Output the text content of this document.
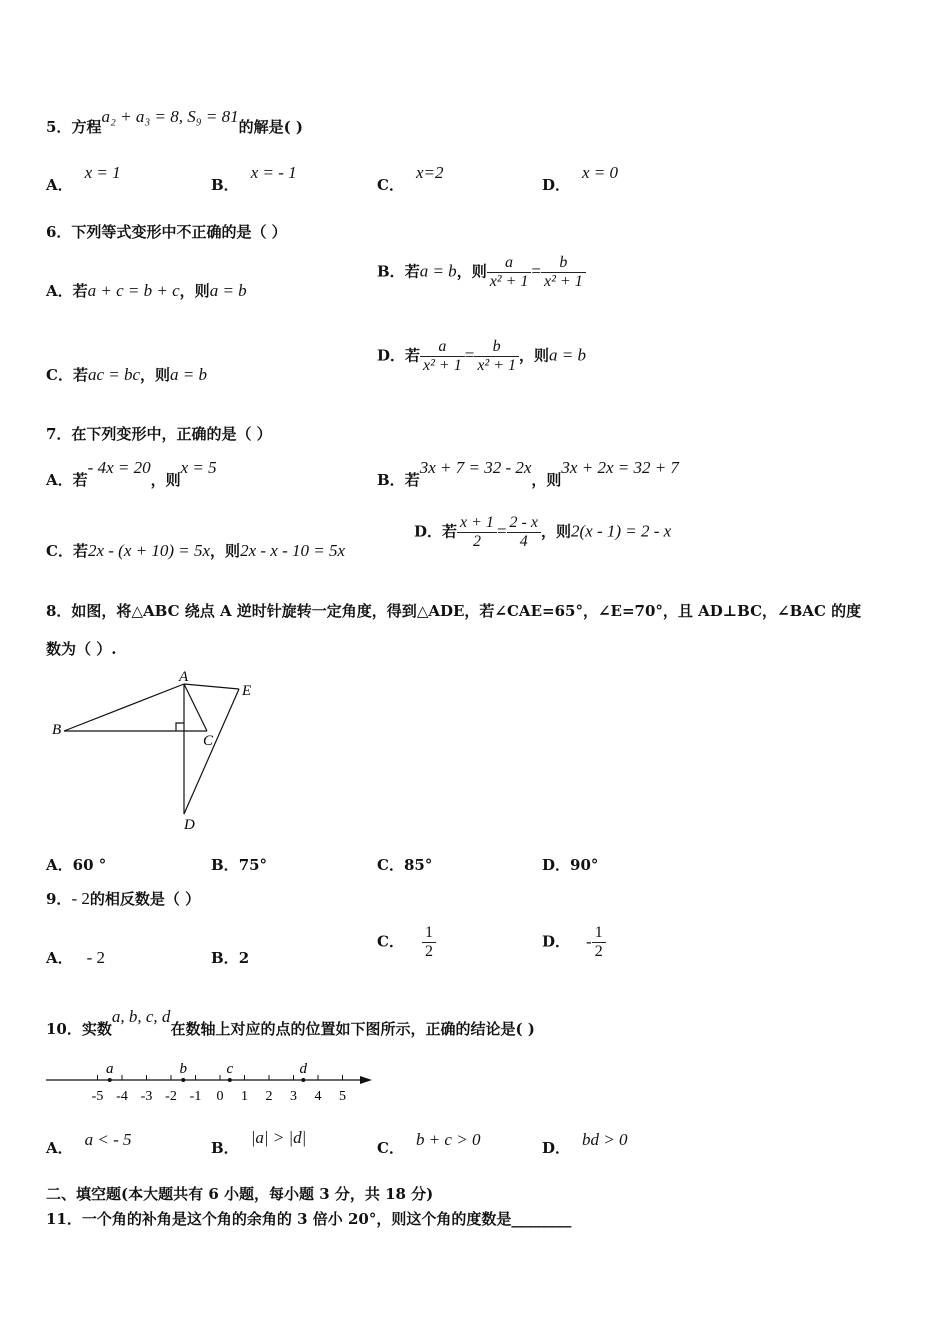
5．方程a₂ + a₃ = 8, S₉ = 81的解是( )
A．x = 1
B．x = - 1
C．x=2
D．x = 0
6．下列等式变形中不正确的是（ ）
A．若a + c = b + c，则a = b
B．若a = b，则 $\frac{a}{\text{x² + 1}} = \frac{b}{\text{x² + 1}}$
C．若ac = bc，则a = b
D．若 $\frac{a}{\text{x² + 1}} = \frac{b}{\text{x² + 1}}$ ，则a = b
7．在下列变形中，正确的是（ ）
A．若- 4x = 20，则x = 5
B．若3x + 7 = 32 - 2x，则3x + 2x = 32 + 7
C．若2x - (x + 10) = 5x，则2x - x - 10 = 5x
D．若 $\frac{x + 1}{2} = \frac{2 - x}{4}$ ，则2(x - 1) = 2 - x
8．如图，将△ABC 绕点 A 逆时针旋转一定角度，得到△ADE，若∠CAE=65°，∠E=70°，且 AD⊥BC，∠BAC 的度
数为（ ）.
A
B
C
D
E
A．60 °	B．75°	C．85°	D．90°
9．- 2的相反数是（ ）
A． - 2	B．2
C． $\frac{1}{2}$	D． - $\frac{1}{2}$
10．实数a, b, c, d在数轴上对应的点的位置如下图所示，正确的结论是( )
-5 -4 -3 -2 -1 0 1 2 3 4 5
a	b	c	d
A． a < - 5	B．|a| > |d|
C． b + c > 0	D． bd > 0
二、填空题(本大题共有 6 小题，每小题 3 分，共 18 分)
11．一个角的补角是这个角的余角的 3 倍小 20°，则这个角的度数是________
